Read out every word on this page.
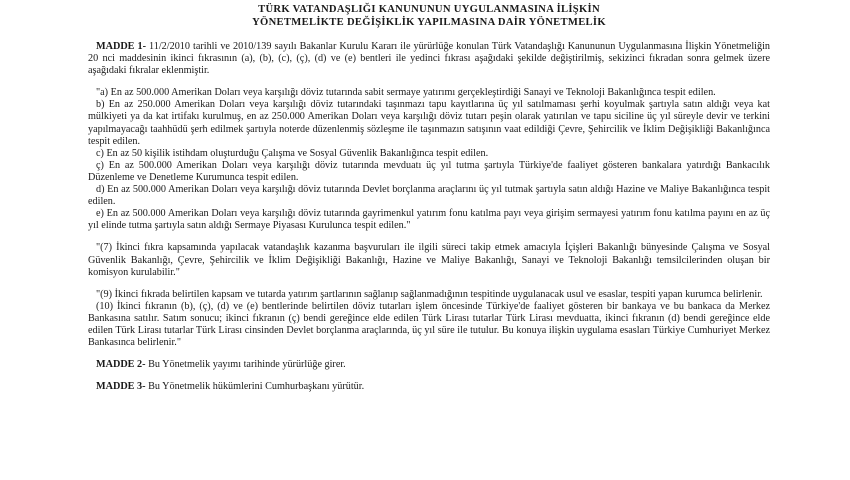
TÜRK VATANDAŞLIĞI KANUNUNUN UYGULANMASINA İLİŞKİN
YÖNETMELİKTE DEĞİŞİKLİK YAPILMASINA DAİR YÖNETMELİK

MADDE 1- 11/2/2010 tarihli ve 2010/139 sayılı Bakanlar Kurulu Kararı ile yürürlüğe konulan Türk Vatandaşlığı Kanununun Uygulanmasına İlişkin Yönetmeliğin 20 nci maddesinin ikinci fıkrasının (a), (b), (c), (ç), (d) ve (e) bentleri ile yedinci fıkrası aşağıdaki şekilde değiştirilmiş, sekizinci fıkradan sonra gelmek üzere aşağıdaki fıkralar eklenmiştir.

"a) En az 500.000 Amerikan Doları veya karşılığı döviz tutarında sabit sermaye yatırımı gerçekleştirdiği Sanayi ve Teknoloji Bakanlığınca tespit edilen.

b) En az 250.000 Amerikan Doları veya karşılığı döviz tutarındaki taşınmazı tapu kayıtlarına üç yıl satılmaması şerhi koyulmak şartıyla satın aldığı veya kat mülkiyeti ya da kat irtifakı kurulmuş, en az 250.000 Amerikan Doları veya karşılığı döviz tutarı peşin olarak yatırılan ve tapu siciline üç yıl süreyle devir ve terkini yapılmayacağı taahhüdü şerh edilmek şartıyla noterde düzenlenmiş sözleşme ile taşınmazın satışının vaat edildiği Çevre, Şehircilik ve İklim Değişikliği Bakanlığınca tespit edilen.

c) En az 50 kişilik istihdam oluşturduğu Çalışma ve Sosyal Güvenlik Bakanlığınca tespit edilen.

ç) En az 500.000 Amerikan Doları veya karşılığı döviz tutarında mevduatı üç yıl tutma şartıyla Türkiye'de faaliyet gösteren bankalara yatırdığı Bankacılık Düzenleme ve Denetleme Kurumunca tespit edilen.

d) En az 500.000 Amerikan Doları veya karşılığı döviz tutarında Devlet borçlanma araçlarını üç yıl tutmak şartıyla satın aldığı Hazine ve Maliye Bakanlığınca tespit edilen.

e) En az 500.000 Amerikan Doları veya karşılığı döviz tutarında gayrimenkul yatırım fonu katılma payı veya girişim sermayesi yatırım fonu katılma payını en az üç yıl elinde tutma şartıyla satın aldığı Sermaye Piyasası Kurulunca tespit edilen."

"(7) İkinci fıkra kapsamında yapılacak vatandaşlık kazanma başvuruları ile ilgili süreci takip etmek amacıyla İçişleri Bakanlığı bünyesinde Çalışma ve Sosyal Güvenlik Bakanlığı, Çevre, Şehircilik ve İklim Değişikliği Bakanlığı, Hazine ve Maliye Bakanlığı, Sanayi ve Teknoloji Bakanlığı temsilcilerinden oluşan bir komisyon kurulabilir."

"(9) İkinci fıkrada belirtilen kapsam ve tutarda yatırım şartlarının sağlanıp sağlanmadığının tespitinde uygulanacak usul ve esaslar, tespiti yapan kurumca belirlenir.

(10) İkinci fıkranın (b), (ç), (d) ve (e) bentlerinde belirtilen döviz tutarları işlem öncesinde Türkiye'de faaliyet gösteren bir bankaya ve bu bankaca da Merkez Bankasına satılır. Satım sonucu; ikinci fıkranın (ç) bendi gereğince elde edilen Türk Lirası tutarlar Türk Lirası mevduatta, ikinci fıkranın (d) bendi gereğince elde edilen Türk Lirası tutarlar Türk Lirası cinsinden Devlet borçlanma araçlarında, üç yıl süre ile tutulur. Bu konuya ilişkin uygulama esasları Türkiye Cumhuriyet Merkez Bankasınca belirlenir."

MADDE 2- Bu Yönetmelik yayımı tarihinde yürürlüğe girer.

MADDE 3- Bu Yönetmelik hükümlerini Cumhurbaşkanı yürütür.
